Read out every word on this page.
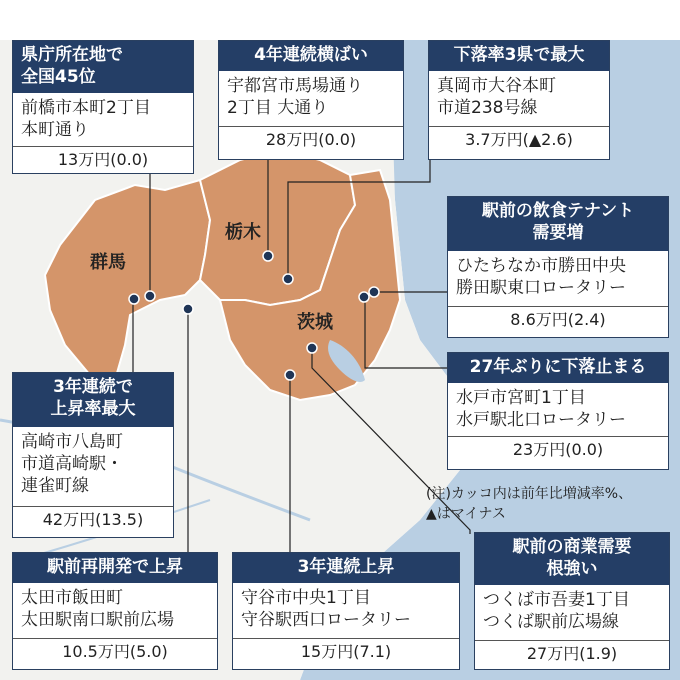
群馬
栃木
茨城
県庁所在地で
全国45位
前橋市本町2丁目
本町通り
13万円(0.0)
4年連続横ばい
宇都宮市馬場通り
2丁目 大通り
28万円(0.0)
下落率3県で最大
真岡市大谷本町
市道238号線
3.7万円(▲2.6)
駅前の飲食テナント
需要増
ひたちなか市勝田中央
勝田駅東口ロータリー
8.6万円(2.4)
27年ぶりに下落止まる
水戸市宮町1丁目
水戸駅北口ロータリー
23万円(0.0)
3年連続で
上昇率最大
高崎市八島町
市道高崎駅・
連雀町線
42万円(13.5)
駅前再開発で上昇
太田市飯田町
太田駅南口駅前広場
10.5万円(5.0)
3年連続上昇
守谷市中央1丁目
守谷駅西口ロータリー
15万円(7.1)
駅前の商業需要
根強い
つくば市吾妻1丁目
つくば駅前広場線
27万円(1.9)
(注)カッコ内は前年比増減率%、
▲はマイナス
